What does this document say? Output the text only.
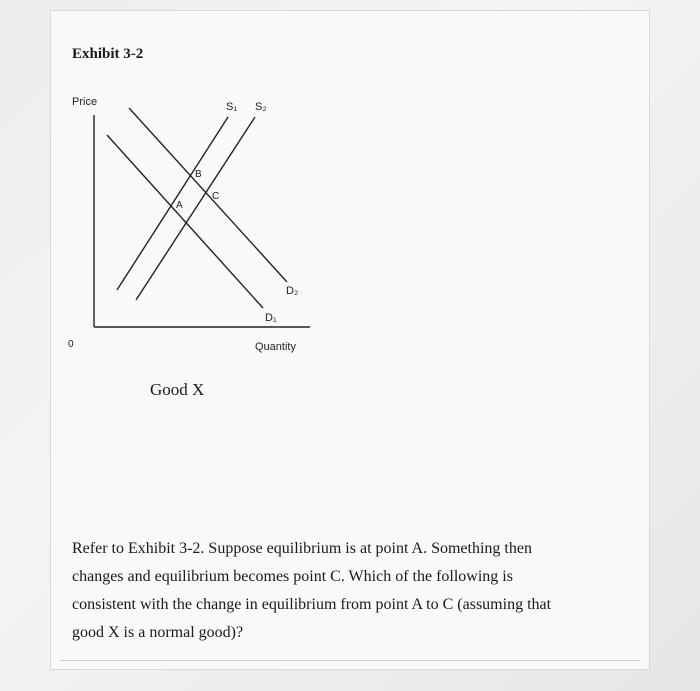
Exhibit 3-2
Price
Quantity
0
S₁ S₂
D₁
D₂
A
B
C
Good X
Refer to Exhibit 3-2. Suppose equilibrium is at point A. Something then
changes and equilibrium becomes point C. Which of the following is
consistent with the change in equilibrium from point A to C (assuming that
good X is a normal good)?
